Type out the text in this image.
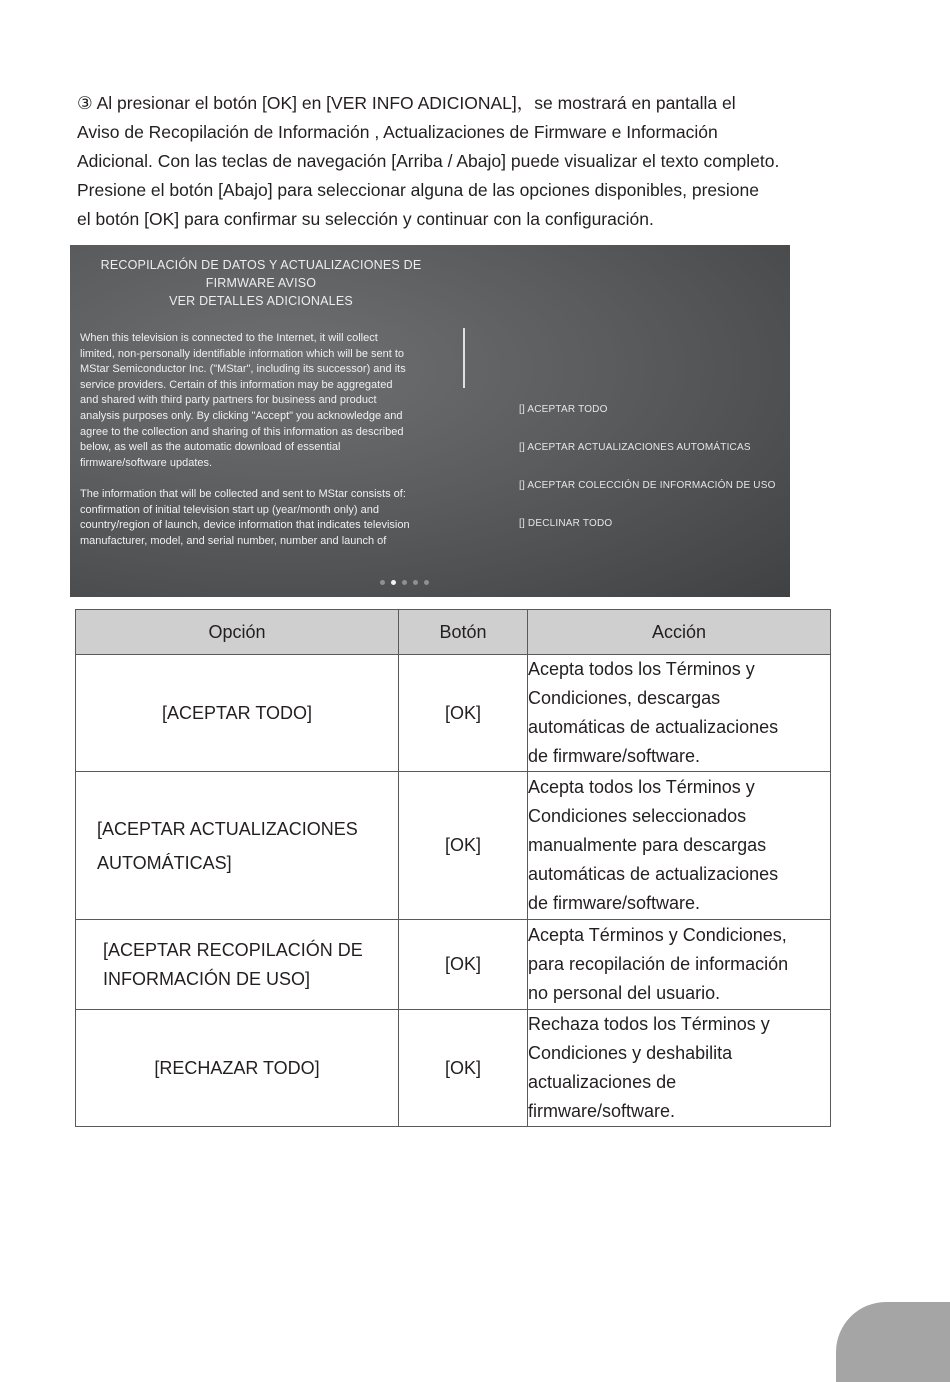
③ Al presionar el botón [OK] en [VER INFO ADICIONAL]，se mostrará en pantalla el

Aviso de Recopilación de Información , Actualizaciones de Firmware e Información

Adicional. Con las teclas de navegación [Arriba / Abajo] puede visualizar el texto completo.

Presione el botón [Abajo] para seleccionar alguna de las opciones disponibles, presione

el botón [OK] para confirmar su selección y continuar con la configuración.

RECOPILACIÓN DE DATOS Y ACTUALIZACIONES DE
FIRMWARE AVISO
VER DETALLES ADICIONALES

When this television is connected to the Internet, it will collect
limited, non-personally identifiable information which will be sent to
MStar Semiconductor Inc. ("MStar", including its successor) and its
service providers. Certain of this information may be aggregated
and shared with third party partners for business and product
analysis purposes only. By clicking "Accept" you acknowledge and
agree to the collection and sharing of this information as described
below, as well as the automatic download of essential
firmware/software updates.

The information that will be collected and sent to MStar consists of:
confirmation of initial television start up (year/month only) and
country/region of launch, device information that indicates television
manufacturer, model, and serial number, number and launch of

[] ACEPTAR TODO
[] ACEPTAR ACTUALIZACIONES AUTOMÁTICAS
[] ACEPTAR COLECCIÓN DE INFORMACIÓN DE USO
[] DECLINAR TODO
Opción	Botón	Acción
[ACEPTAR TODO]	[OK]	Acepta todos los Términos y
Condiciones, descargas
automáticas de actualizaciones
de firmware/software.
[ACEPTAR ACTUALIZACIONES
AUTOMÁTICAS]	[OK]	Acepta todos los Términos y
Condiciones seleccionados
manualmente para descargas
automáticas de actualizaciones
de firmware/software.
[ACEPTAR RECOPILACIÓN DE
INFORMACIÓN DE USO]	[OK]	Acepta Términos y Condiciones,
para recopilación de información
no personal del usuario.
[RECHAZAR TODO]	[OK]	Rechaza todos los Términos y
Condiciones y deshabilita
actualizaciones de
firmware/software.
